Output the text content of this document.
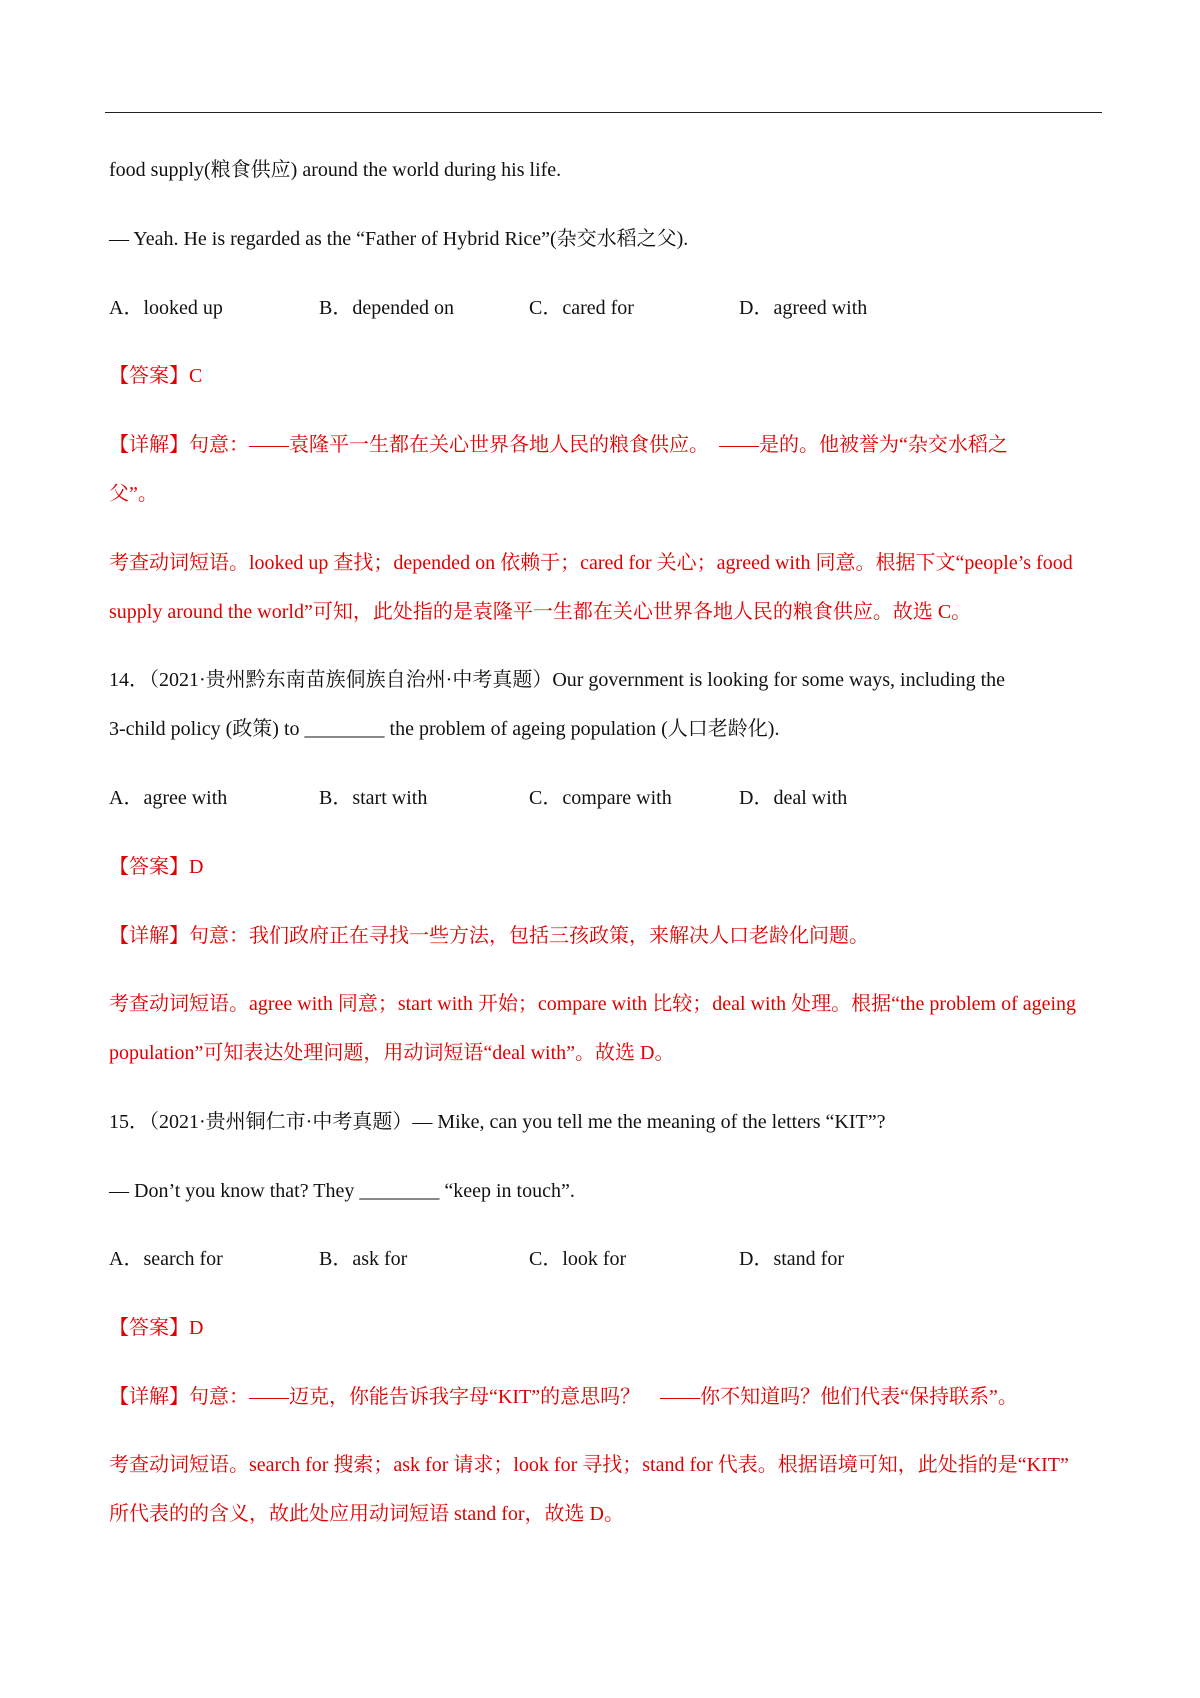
food supply(粮食供应) around the world during his life.
— Yeah. He is regarded as the “Father of Hybrid Rice”(杂交水稻之父).
A．looked up	B．depended on	C．cared for	D．agreed with
【答案】C
【详解】句意：——袁隆平一生都在关心世界各地人民的粮食供应。　——是的。他被誉为“杂交水稻之
父”。
考查动词短语。looked up 查找；depended on 依赖于；cared for 关心；agreed with 同意。根据下文“people’s food
supply around the world”可知，此处指的是袁隆平一生都在关心世界各地人民的粮食供应。故选 C。
14．（2021·贵州黔东南苗族侗族自治州·中考真题）Our government is looking for some ways, including the
3-child policy (政策) to ________ the problem of ageing population (人口老龄化).
A．agree with	B．start with	C．compare with	D．deal with
【答案】D
【详解】句意：我们政府正在寻找一些方法，包括三孩政策，来解决人口老龄化问题。
考查动词短语。agree with 同意；start with 开始；compare with 比较；deal with 处理。根据“the problem of ageing
population”可知表达处理问题，用动词短语“deal with”。故选 D。
15．（2021·贵州铜仁市·中考真题）— Mike, can you tell me the meaning of the letters “KIT”?
— Don’t you know that? They ________ “keep in touch”.
A．search for	B．ask for	C．look for	D．stand for
【答案】D
【详解】句意：——迈克，你能告诉我字母“KIT”的意思吗？　——你不知道吗？他们代表“保持联系”。
考查动词短语。search for 搜索；ask for 请求；look for 寻找；stand for 代表。根据语境可知，此处指的是“KIT”
所代表的的含义，故此处应用动词短语 stand for，故选 D。
